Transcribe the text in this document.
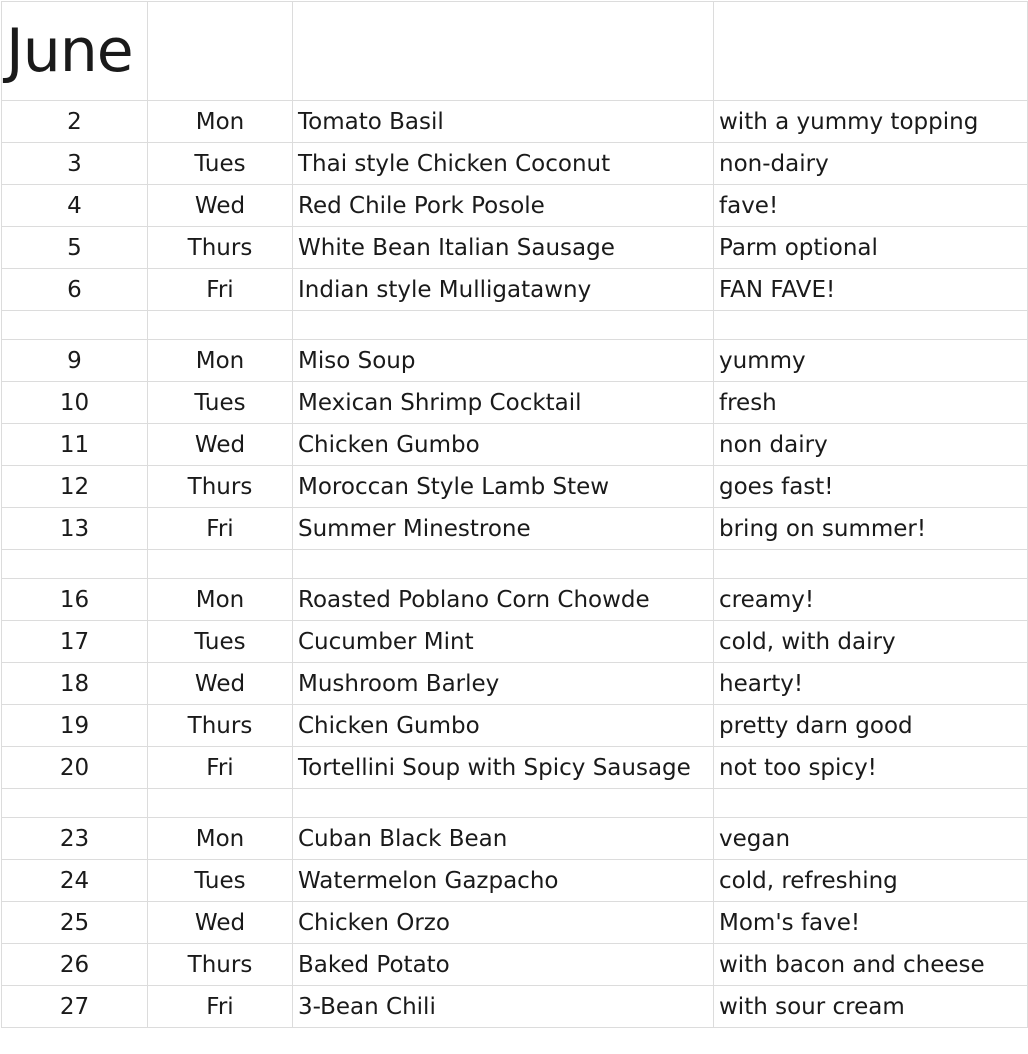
June			
2	Mon	Tomato Basil	with a yummy topping
3	Tues	Thai style Chicken Coconut	non-dairy
4	Wed	Red Chile Pork Posole	fave!
5	Thurs	White Bean Italian Sausage	Parm optional
6	Fri	Indian style Mulligatawny	FAN FAVE!

9	Mon	Miso Soup	yummy
10	Tues	Mexican Shrimp Cocktail	fresh
11	Wed	Chicken Gumbo	non dairy
12	Thurs	Moroccan Style Lamb Stew	goes fast!
13	Fri	Summer Minestrone	bring on summer!

16	Mon	Roasted Poblano Corn Chowde	creamy!
17	Tues	Cucumber Mint	cold, with dairy
18	Wed	Mushroom Barley	hearty!
19	Thurs	Chicken Gumbo	pretty darn good
20	Fri	Tortellini Soup with Spicy Sausage	not too spicy!

23	Mon	Cuban Black Bean	vegan
24	Tues	Watermelon Gazpacho	cold, refreshing
25	Wed	Chicken Orzo	Mom's fave!
26	Thurs	Baked Potato	with bacon and cheese
27	Fri	3-Bean Chili	with sour cream
